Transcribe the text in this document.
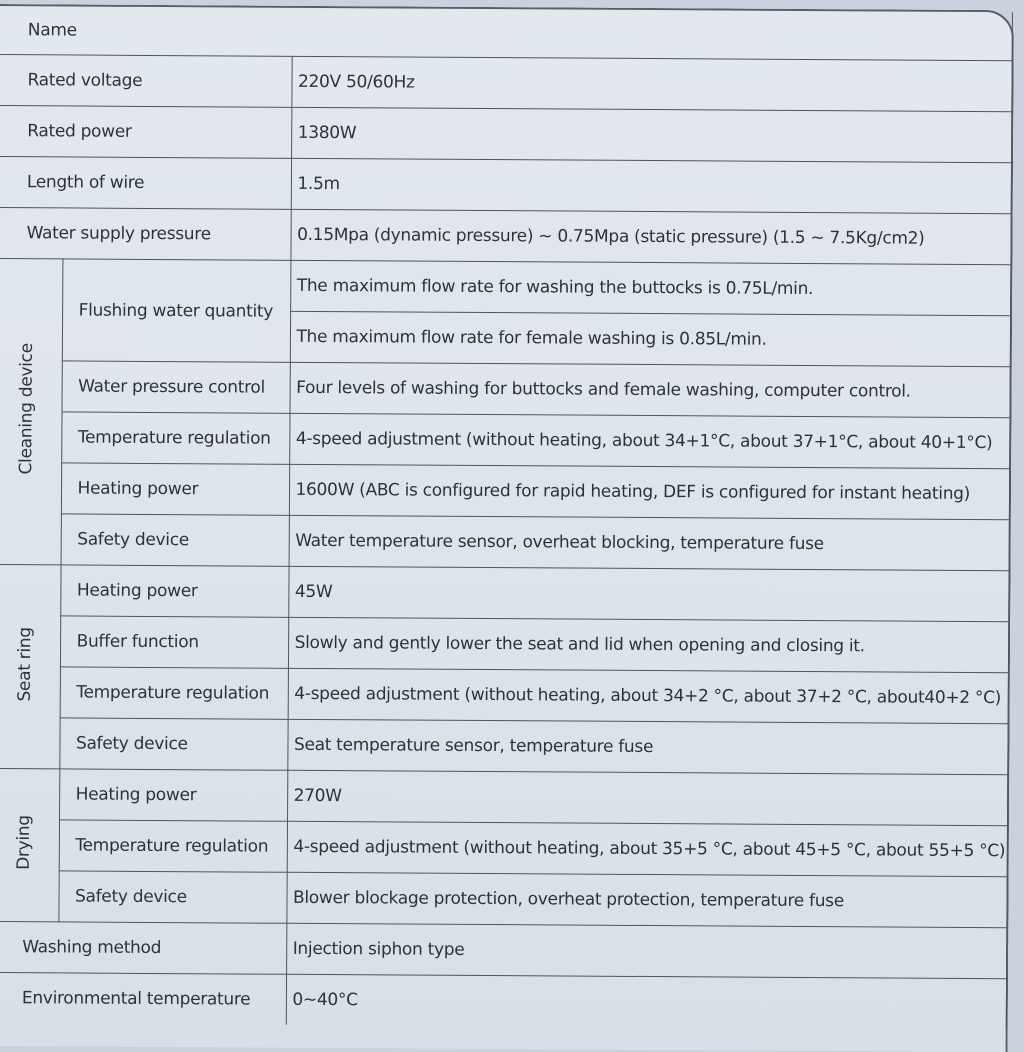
Name		
Rated voltage		220V 50/60Hz
Rated power		1380W
Length of wire		1.5m
Water supply pressure		0.15Mpa (dynamic pressure) ~ 0.75Mpa (static pressure) (1.5 ~ 7.5Kg/cm2)
Cleaning device	Flushing water quantity	The maximum flow rate for washing the buttocks is 0.75L/min.
		The maximum flow rate for female washing is 0.85L/min.
	Water pressure control	Four levels of washing for buttocks and female washing, computer control.
	Temperature regulation	4-speed adjustment (without heating, about 34+1°C, about 37+1°C, about 40+1°C)
	Heating power	1600W (ABC is configured for rapid heating, DEF is configured for instant heating)
	Safety device	Water temperature sensor, overheat blocking, temperature fuse
Seat ring	Heating power	45W
	Buffer function	Slowly and gently lower the seat and lid when opening and closing it.
	Temperature regulation	4-speed adjustment (without heating, about 34+2 °C, about 37+2 °C, about40+2 °C)
	Safety device	Seat temperature sensor, temperature fuse
Drying	Heating power	270W
	Temperature regulation	4-speed adjustment (without heating, about 35+5 °C, about 45+5 °C, about 55+5 °C)
	Safety device	Blower blockage protection, overheat protection, temperature fuse
Washing method		Injection siphon type
Environmental temperature		0~40°C
